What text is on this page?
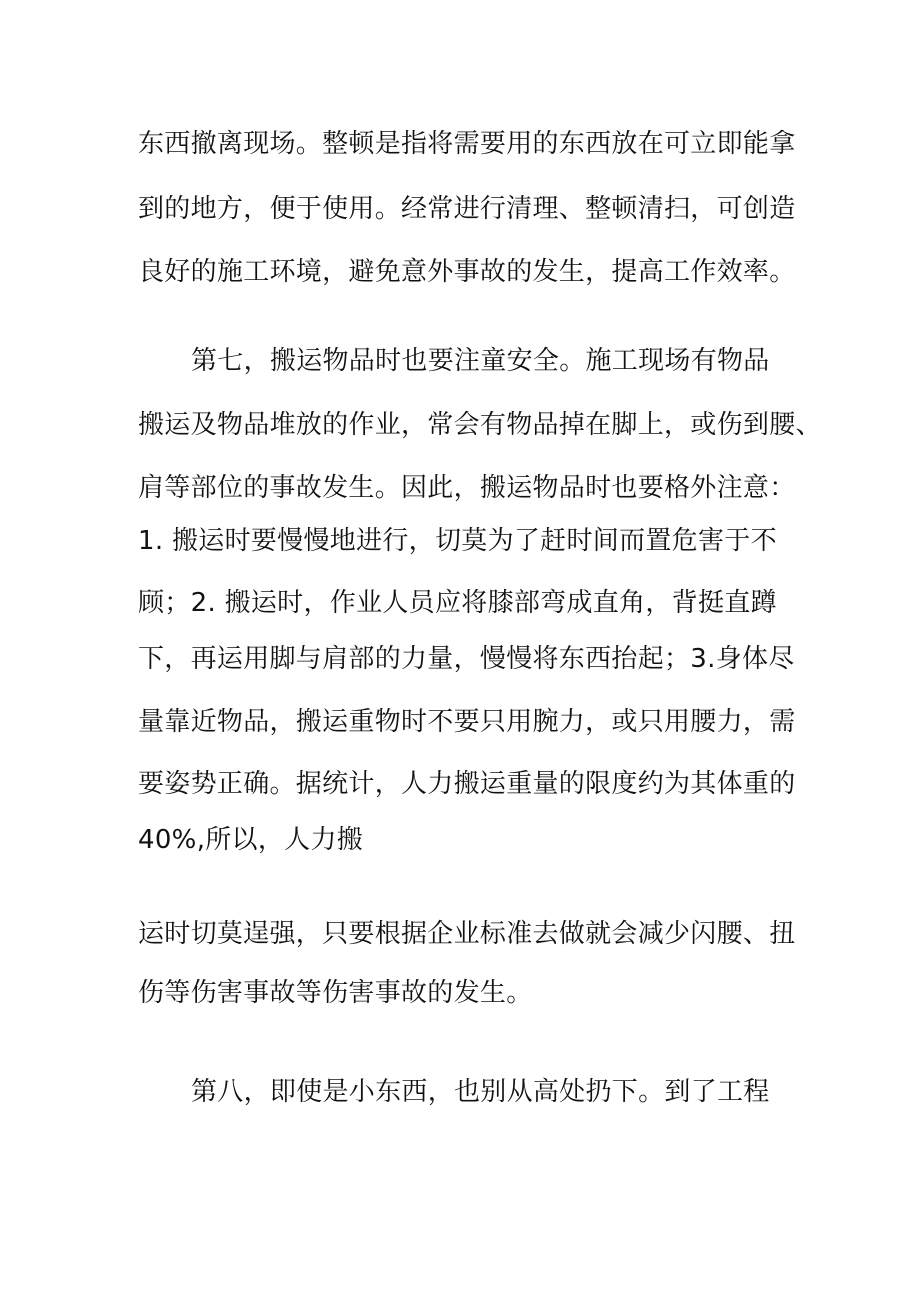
东西撤离现场。整顿是指将需要用的东西放在可立即能拿
到的地方，便于使用。经常进行清理、整顿清扫，可创造
良好的施工环境，避免意外事故的发生，提高工作效率。
第七，搬运物品时也要注童安全。施工现场有物品
搬运及物品堆放的作业，常会有物品掉在脚上，或伤到腰、
肩等部位的事故发生。因此，搬运物品时也要格外注意：
1. 搬运时要慢慢地进行，切莫为了赶时间而置危害于不
顾；2. 搬运时，作业人员应将膝部弯成直角，背挺直蹲
下，再运用脚与肩部的力量，慢慢将东西抬起；3.身体尽
量靠近物品，搬运重物时不要只用腕力，或只用腰力，需
要姿势正确。据统计，人力搬运重量的限度约为其体重的
40%,所以，人力搬
运时切莫逞强，只要根据企业标准去做就会减少闪腰、扭
伤等伤害事故等伤害事故的发生。
第八，即使是小东西，也别从高处扔下。到了工程
